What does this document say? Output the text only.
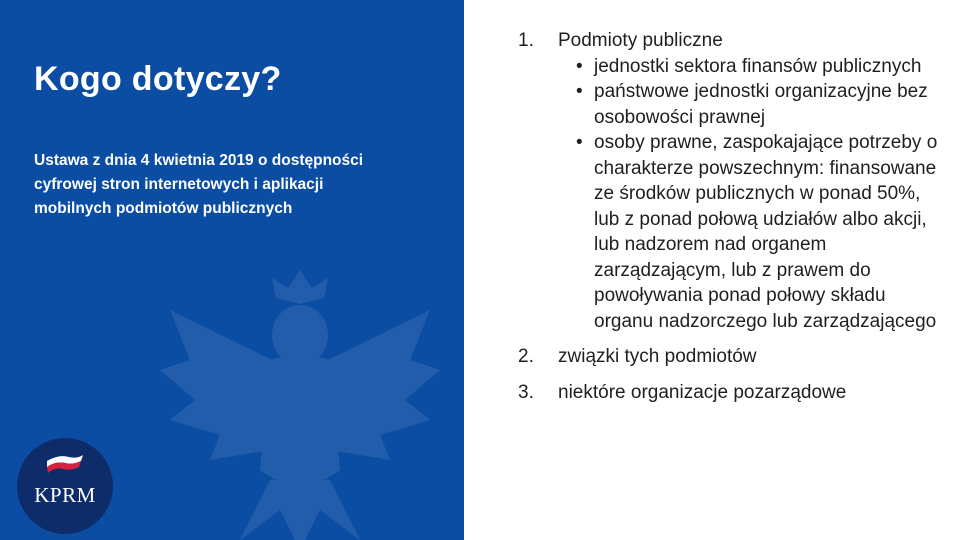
Kogo dotyczy?

Ustawa z dnia 4 kwietnia 2019 o dostępności cyfrowej stron internetowych i aplikacji mobilnych podmiotów publicznych

KPRM
1. Podmioty publiczne
• jednostki sektora finansów publicznych
• państwowe jednostki organizacyjne bez osobowości prawnej
• osoby prawne, zaspokajające potrzeby o charakterze powszechnym: finansowane ze środków publicznych w ponad 50%, lub z ponad połową udziałów albo akcji, lub nadzorem nad organem zarządzającym, lub z prawem do powoływania ponad połowy składu organu nadzorczego lub zarządzającego
2. związki tych podmiotów
3. niektóre organizacje pozarządowe
